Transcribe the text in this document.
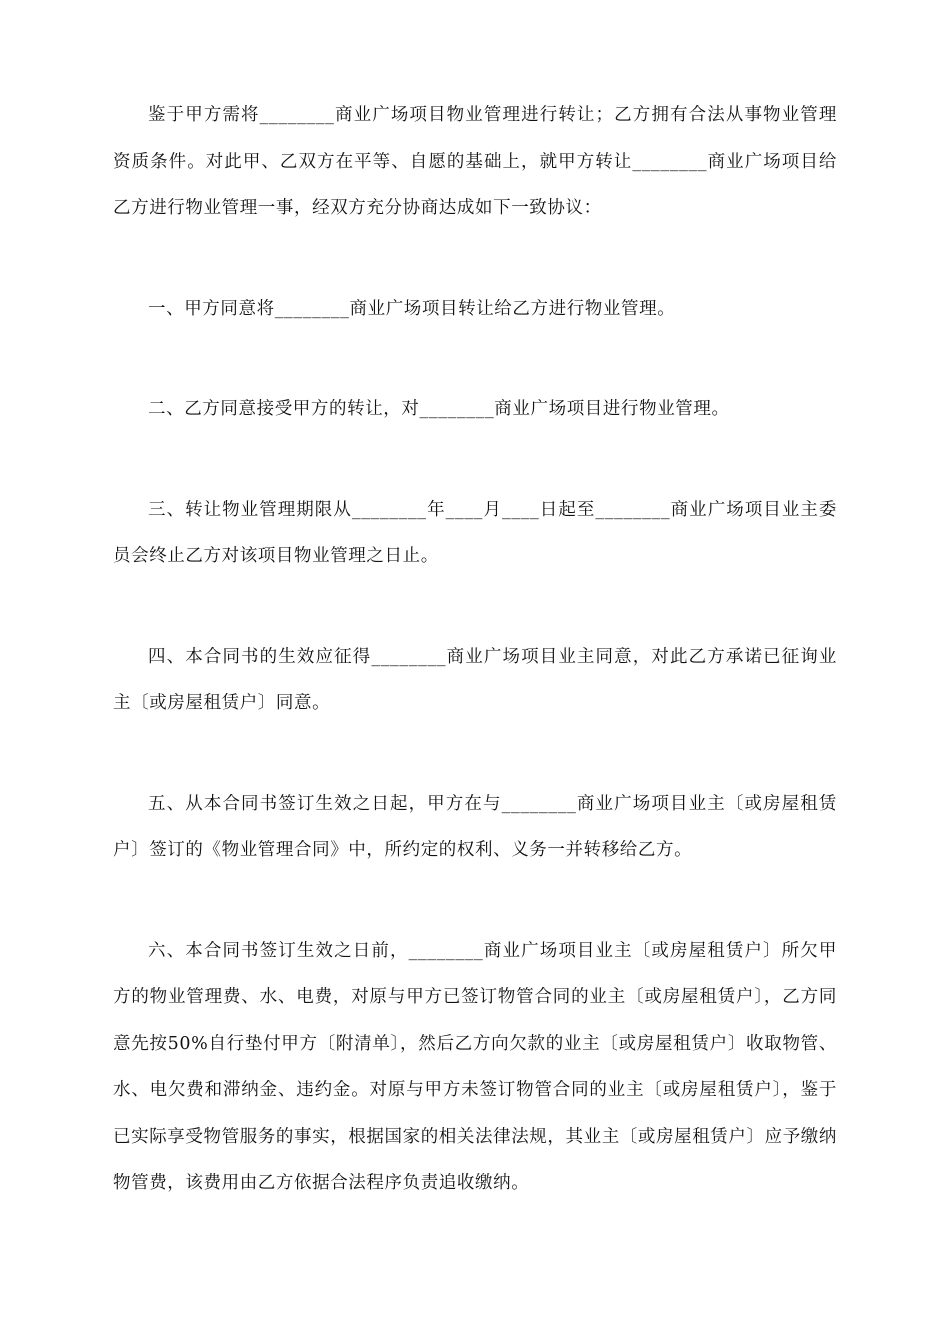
鉴于甲方需将________商业广场项目物业管理进行转让；乙方拥有合法从事物业管理资质条件。对此甲、乙双方在平等、自愿的基础上，就甲方转让________商业广场项目给乙方进行物业管理一事，经双方充分协商达成如下一致协议：

一、甲方同意将________商业广场项目转让给乙方进行物业管理。

二、乙方同意接受甲方的转让，对________商业广场项目进行物业管理。

三、转让物业管理期限从________年____月____日起至________商业广场项目业主委员会终止乙方对该项目物业管理之日止。

四、本合同书的生效应征得________商业广场项目业主同意，对此乙方承诺已征询业主〔或房屋租赁户〕同意。

五、从本合同书签订生效之日起，甲方在与________商业广场项目业主〔或房屋租赁户〕签订的《物业管理合同》中，所约定的权利、义务一并转移给乙方。

六、本合同书签订生效之日前，________商业广场项目业主〔或房屋租赁户〕所欠甲方的物业管理费、水、电费，对原与甲方已签订物管合同的业主〔或房屋租赁户〕，乙方同意先按50%自行垫付甲方〔附清单〕，然后乙方向欠款的业主〔或房屋租赁户〕收取物管、水、电欠费和滞纳金、违约金。对原与甲方未签订物管合同的业主〔或房屋租赁户〕，鉴于已实际享受物管服务的事实，根据国家的相关法律法规，其业主〔或房屋租赁户〕应予缴纳物管费，该费用由乙方依据合法程序负责追收缴纳。
